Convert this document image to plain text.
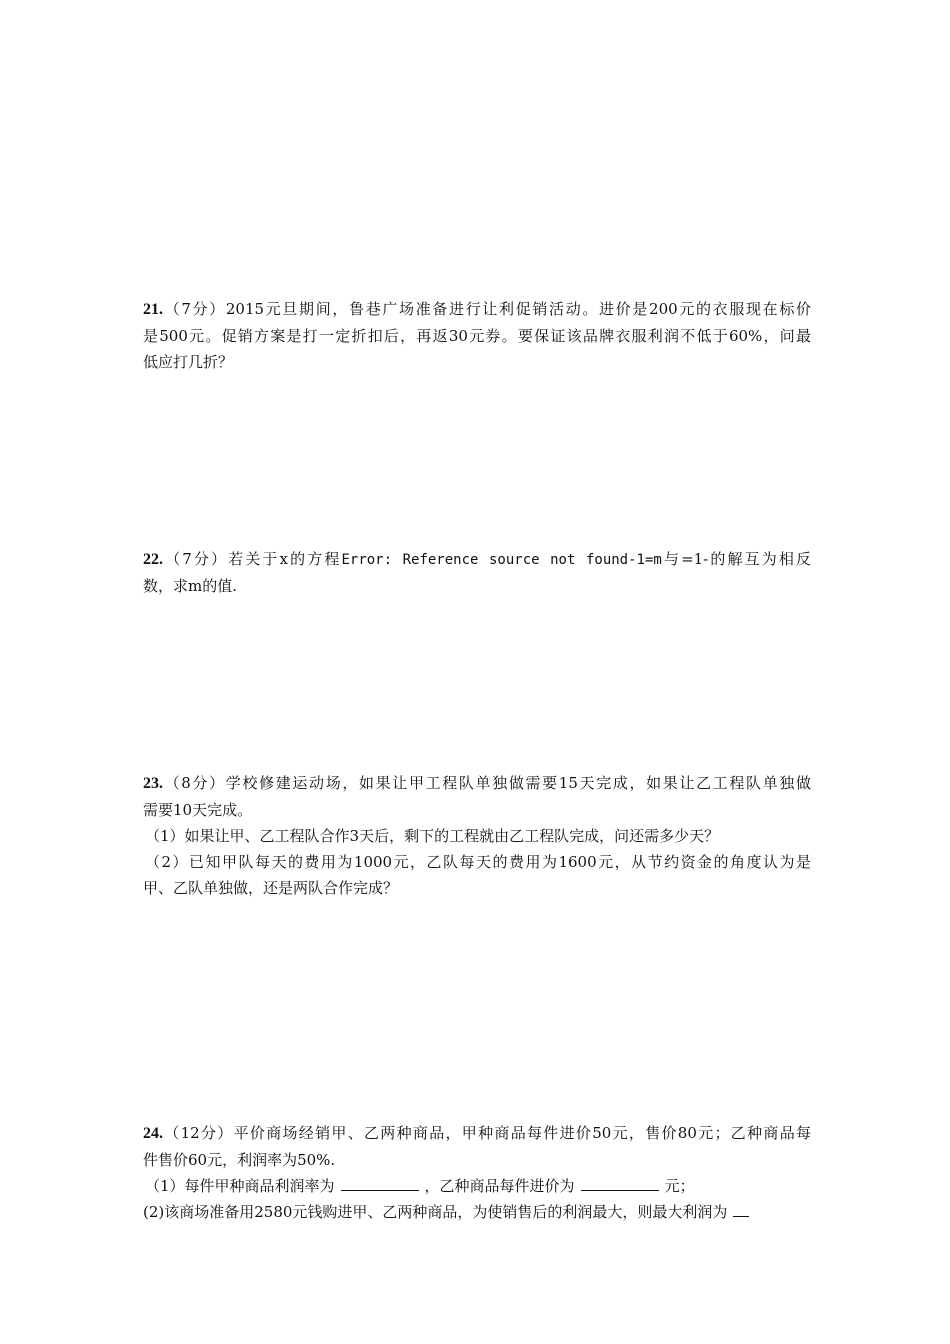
21.（7分）2015元旦期间，鲁巷广场准备进行让利促销活动。进价是200元的衣服现在标价
是500元。促销方案是打一定折扣后，再返30元券。要保证该品牌衣服利润不低于60%，问最
低应打几折？
22.（7分）若关于x的方程Error: Reference source not found-1=m与=1-的解互为相反
数，求m的值.
23.（8分）学校修建运动场，如果让甲工程队单独做需要15天完成，如果让乙工程队单独做
需要10天完成。
（1）如果让甲、乙工程队合作3天后，剩下的工程就由乙工程队完成，问还需多少天？
（2）已知甲队每天的费用为1000元，乙队每天的费用为1600元，从节约资金的角度认为是
甲、乙队单独做，还是两队合作完成？
24.（12分）平价商场经销甲、乙两种商品，甲种商品每件进价50元，售价80元；乙种商品每
件售价60元，利润率为50%.
（1）每件甲种商品利润率为	，乙种商品每件进价为	元；
(2)该商场准备用2580元钱购进甲、乙两种商品，为使销售后的利润最大，则最大利润为
